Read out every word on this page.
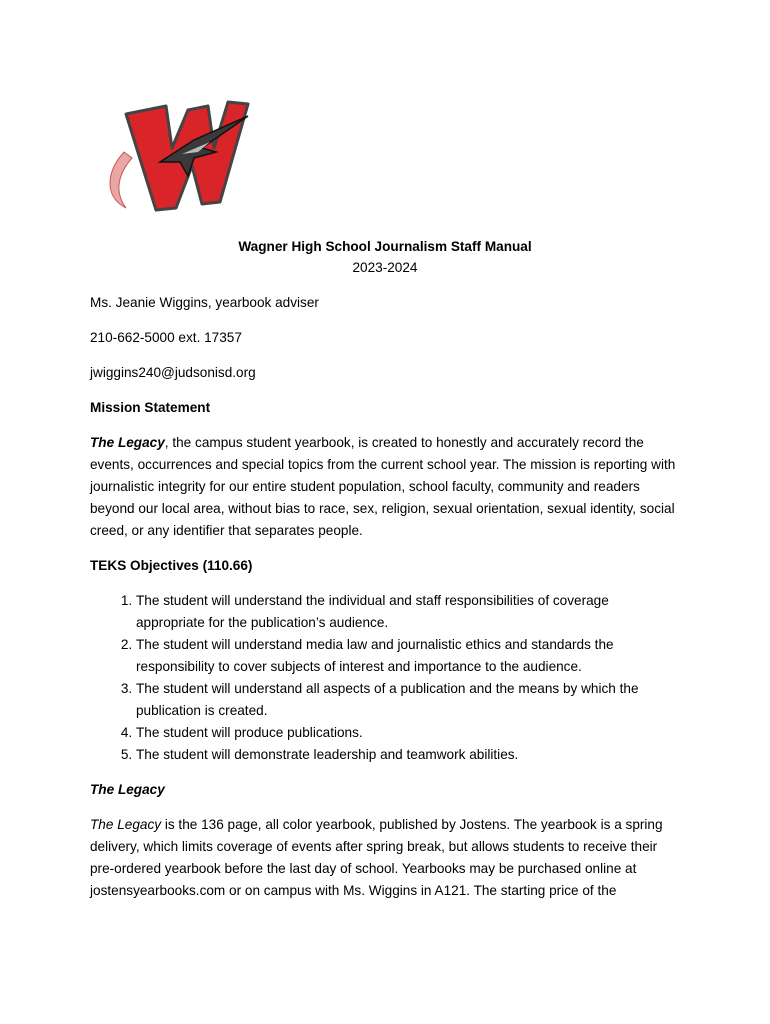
Wagner High School Journalism Staff Manual
2023-2024
Ms. Jeanie Wiggins, yearbook adviser
210-662-5000 ext. 17357
jwiggins240@judsonisd.org
Mission Statement
The Legacy, the campus student yearbook, is created to honestly and accurately record the events, occurrences and special topics from the current school year. The mission is reporting with journalistic integrity for our entire student population, school faculty, community and readers beyond our local area, without bias to race, sex, religion, sexual orientation, sexual identity, social creed, or any identifier that separates people.
TEKS Objectives (110.66)
1. The student will understand the individual and staff responsibilities of coverage appropriate for the publication’s audience.
2. The student will understand media law and journalistic ethics and standards the responsibility to cover subjects of interest and importance to the audience.
3. The student will understand all aspects of a publication and the means by which the publication is created.
4. The student will produce publications.
5. The student will demonstrate leadership and teamwork abilities.
The Legacy
The Legacy is the 136 page, all color yearbook, published by Jostens. The yearbook is a spring delivery, which limits coverage of events after spring break, but allows students to receive their pre-ordered yearbook before the last day of school. Yearbooks may be purchased online at jostensyearbooks.com or on campus with Ms. Wiggins in A121. The starting price of the
